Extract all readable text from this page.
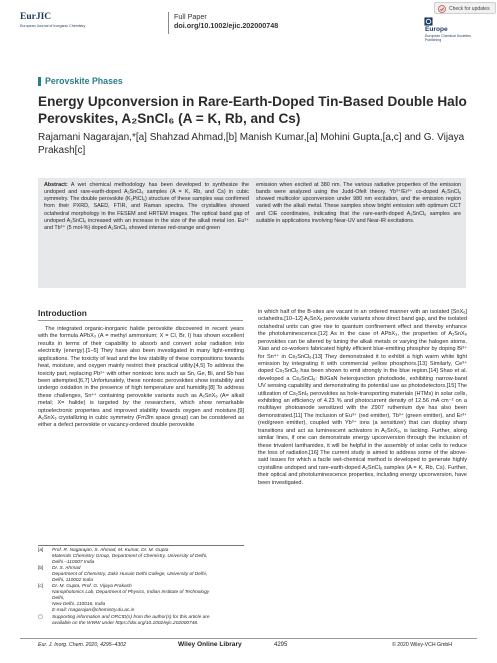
EurJIC
European Journal of Inorganic Chemistry
Full Paper
doi.org/10.1002/ejic.202000748
Check for updates
Europe
European Chemical Societies Publishing
Perovskite Phases
Energy Upconversion in Rare-Earth-Doped Tin-Based Double Halo Perovskites, A₂SnCl₆ (A = K, Rb, and Cs)
Rajamani Nagarajan,*[a] Shahzad Ahmad,[b] Manish Kumar,[a] Mohini Gupta,[a,c] and G. Vijaya Prakash[c]
Abstract: A wet chemical methodology has been developed to synthesize the undoped and rare-earth-doped A₂SnCl₆ samples (A = K, Rb, and Cs) in cubic symmetry. The double perovskite (K₂PtCl₆) structure of these samples was confirmed from their PXRD, SAED, FTIR, and Raman spectra. The crystallites showed octahedral morphology in the FESEM and HRTEM images. The optical band gap of undoped A₂SnCl₆ increased with an increase in the size of the alkali metal ion. Eu³⁺ and Tb³⁺ (5 mol-%) doped A₂SnCl₆ showed intense red-orange and green
emission when excited at 380 nm. The various radiative properties of the emission bands were analyzed using the Judd-Ofelt theory. Yb³⁺/Er³⁺ co-doped A₂SnCl₆ showed multicolor upconversion under 980 nm excitation, and the emission region varied with the alkali metal. These samples show bright emission with optimum CCT and CIE coordinates, indicating that the rare-earth-doped A₂SnCl₆ samples are suitable in applications involving Near-UV and Near-IR excitations.
Introduction

The integrated organic-inorganic halide perovskite discovered in recent years with the formula APbX₃ (A = methyl ammonium; X = Cl, Br, I) has shown excellent results in terms of their capability to absorb and convert solar radiation into electricity (energy).[1–5] They have also been investigated in many light-emitting applications. The toxicity of lead and the low stability of these compositions towards heat, moisture, and oxygen mainly restrict their practical utility.[4,5] To address the toxicity part, replacing Pb²⁺ with other nontoxic ions such as Sn, Ge, Bi, and Sb has been attempted.[6,7] Unfortunately, these nontoxic perovskites show instability and undergo oxidation in the presence of high temperature and humidity.[8] To address these challenges, Sn⁴⁺ containing perovskite variants such as A₂SnX₆ (A= alkali metal; X= halide) is targeted by the researchers, which show remarkable optoelectronic properties and improved stability towards oxygen and moisture.[9] A₂SnX₆ crystallizing in cubic symmetry (Fm3̄m space group) can be considered as either a defect perovskite or vacancy-ordered double perovskite

in which half of the B-sites are vacant in an ordered manner with an isolated [SnX₆] octahedra.[10–12] A₂SnX₆ perovskite variants show direct band gap, and the isolated octahedral units can give rise to quantum confinement effect and thereby enhance the photoluminescence.[12] As in the case of APbX₃, the properties of A₂SnX₆ perovskites can be altered by tuning the alkali metals or varying the halogen atoms. Xiao and co-workers fabricated highly efficient blue-emitting phosphor by doping Bi³⁺ for Sn⁴⁺ in Cs₂SnCl₆.[13] They demonstrated it to exhibit a high warm white light emission by integrating it with commercial yellow phosphors.[13] Similarly, Ce³⁺ doped Cs₂SnCl₆ has been shown to emit strongly in the blue region.[14] Shao et al. developed a Cs₂SnCl₆: Bi/GaN heterojunction photodiode, exhibiting narrow-band UV sensing capability and demonstrating its potential use as photodetectors.[15] The utilization of Cs₂SnI₆ perovskites as hole-transporting materials (HTMs) in solar cells, exhibiting an efficiency of 4.23 % and photocurrent density of 12.56 mA cm⁻² on a multilayer photoanode sensitized with the Z907 ruthenium dye has also been demonstrated.[11] The inclusion of Eu³⁺ (red emitter), Tb³⁺ (green emitter), and Er³⁺ (red/green emitter), coupled with Yb³⁺ ions (a sensitizer) that can display sharp transitions and act as luminescent activators in A₂SnX₆, is lacking. Further, along similar lines, if one can demonstrate energy upconversion through the inclusion of these trivalent lanthanides, it will be helpful in the assembly of solar cells to reduce the loss of radiation.[16] The current study is aimed to address some of the above-said issues for which a facile wet-chemical method is developed to generate highly crystalline undoped and rare-earth-doped A₂SnCl₆ samples (A = K, Rb, Cs). Further, their optical and photoluminescence properties, including energy upconversion, have been investigated.

[a] Prof. R. Nagarajan, S. Ahmad, M. Kumar, Dr. M. Gupta
Materials Chemistry Group, Department of Chemistry, University of Delhi,
Delhi –110007 India
[b] Dr. S. Ahmad
Department of Chemistry, Zakir Husain Delhi College, University of Delhi,
Delhi, 110002 India
[c] Dr. M. Gupta, Prof. G. Vijaya Prakash
Nanophotonics Lab, Department of Physics, Indian Institute of Technology
Delhi,
New Delhi, 110016, India
E-mail: rnagarajan@chemistry.du.ac.in
▢ Supporting information and ORCID(s) from the author(s) for this article are
available on the WWW under https://doi.org/10.1002/ejic.202000748.
Eur. J. Inorg. Chem. 2020, 4295–4302	Wiley Online Library	4295	© 2020 Wiley-VCH GmbH
